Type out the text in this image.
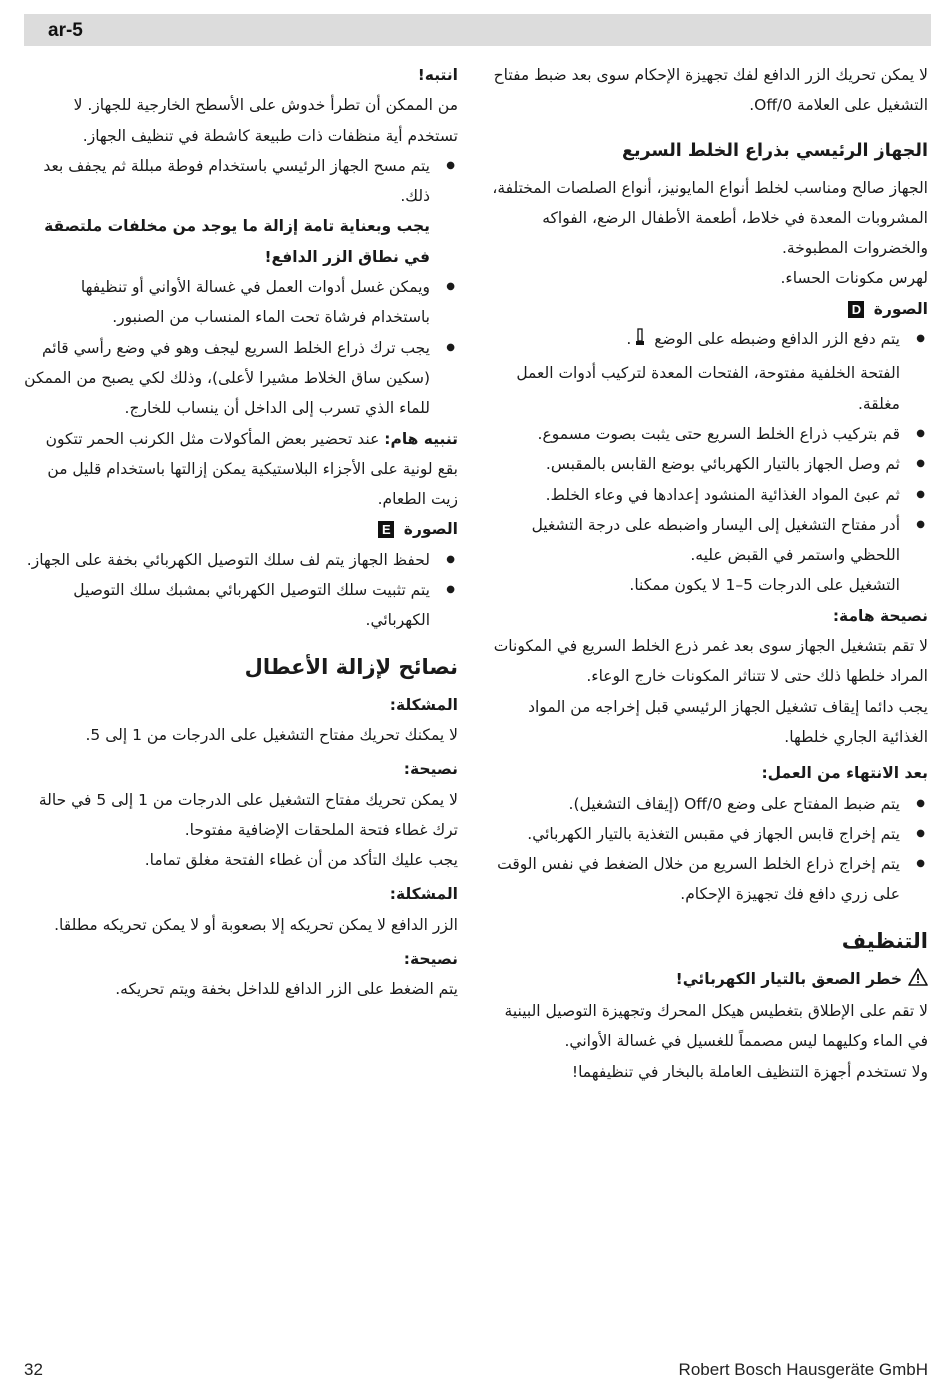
ar-5

لا يمكن تحريك الزر الدافع لفك تجهيزة الإحكام سوى بعد ضبط مفتاح التشغيل على العلامة Off/0.

الجهاز الرئيسي بذراع الخلط السريع

الجهاز صالح ومناسب لخلط أنواع المايونيز، أنواع الصلصات المختلفة، المشروبات المعدة في خلاط، أطعمة الأطفال الرضع، الفواكه والخضروات المطبوخة.

لهرس مكونات الحساء.

الصورة D

● يتم دفع الزر الدافع وضبطه على الوضع .
الفتحة الخلفية مفتوحة، الفتحات المعدة لتركيب أدوات العمل مغلقة.
● قم بتركيب ذراع الخلط السريع حتى يثبت بصوت مسموع.
● ثم وصل الجهاز بالتيار الكهربائي بوضع القابس بالمقبس.
● ثم عبئ المواد الغذائية المنشود إعدادها في وعاء الخلط.
● أدر مفتاح التشغيل إلى اليسار واضبطه على درجة التشغيل اللحظي واستمر في القبض عليه.
التشغيل على الدرجات 5–1 لا يكون ممكنا.

نصيحة هامة:

لا تقم بتشغيل الجهاز سوى بعد غمر ذرع الخلط السريع في المكونات المراد خلطها ذلك حتى لا تتناثر المكونات خارج الوعاء.

يجب دائما إيقاف تشغيل الجهاز الرئيسي قبل إخراجه من المواد الغذائية الجاري خلطها.

بعد الانتهاء من العمل:

● يتم ضبط المفتاح على وضع Off/0 (إيقاف التشغيل).
● يتم إخراج قابس الجهاز في مقبس التغذية بالتيار الكهربائي.
● يتم إخراج ذراع الخلط السريع من خلال الضغط في نفس الوقت على زري دافع فك تجهيزة الإحكام.
التنظيف

خطر الصعق بالتيار الكهربائي!

لا تقم على الإطلاق بتغطيس هيكل المحرك وتجهيزة التوصيل البينية في الماء وكليهما ليس مصمماً للغسيل في غسالة الأواني.

ولا تستخدم أجهزة التنظيف العاملة بالبخار في تنظيفهما!

انتبه!

من الممكن أن تطرأ خدوش على الأسطح الخارجية للجهاز. لا تستخدم أية منظفات ذات طبيعة كاشطة في تنظيف الجهاز.

● يتم مسح الجهاز الرئيسي باستخدام فوطة مبللة ثم يجفف بعد ذلك.
يجب وبعناية تامة إزالة ما يوجد من مخلفات ملتصقة في نطاق الزر الدافع!
● ويمكن غسل أدوات العمل في غسالة الأواني أو تنظيفها باستخدام فرشاة تحت الماء المنساب من الصنبور.
● يجب ترك ذراع الخلط السريع ليجف وهو في وضع رأسي قائم (سكين ساق الخلاط مشيرا لأعلى)، وذلك لكي يصبح من الممكن للماء الذي تسرب إلى الداخل أن ينساب للخارج.

تنبيه هام: عند تحضير بعض المأكولات مثل الكرنب الحمر تتكون بقع لونية على الأجزاء البلاستيكية يمكن إزالتها باستخدام قليل من زيت الطعام.

الصورة E

● لحفظ الجهاز يتم لف سلك التوصيل الكهربائي بخفة على الجهاز.
● يتم تثبيت سلك التوصيل الكهربائي بمشبك سلك التوصيل الكهربائي.
نصائح لإزالة الأعطال

المشكلة:

لا يمكنك تحريك مفتاح التشغيل على الدرجات من 1 إلى 5.

نصيحة:

لا يمكن تحريك مفتاح التشغيل على الدرجات من 1 إلى 5 في حالة ترك غطاء فتحة الملحقات الإضافية مفتوحا.

يجب عليك التأكد من أن غطاء الفتحة مغلق تماما.

المشكلة:

الزر الدافع لا يمكن تحريكه إلا بصعوبة أو لا يمكن تحريكه مطلقا.

نصيحة:

يتم الضغط على الزر الدافع للداخل بخفة ويتم تحريكه.

32	Robert Bosch Hausgeräte GmbH
